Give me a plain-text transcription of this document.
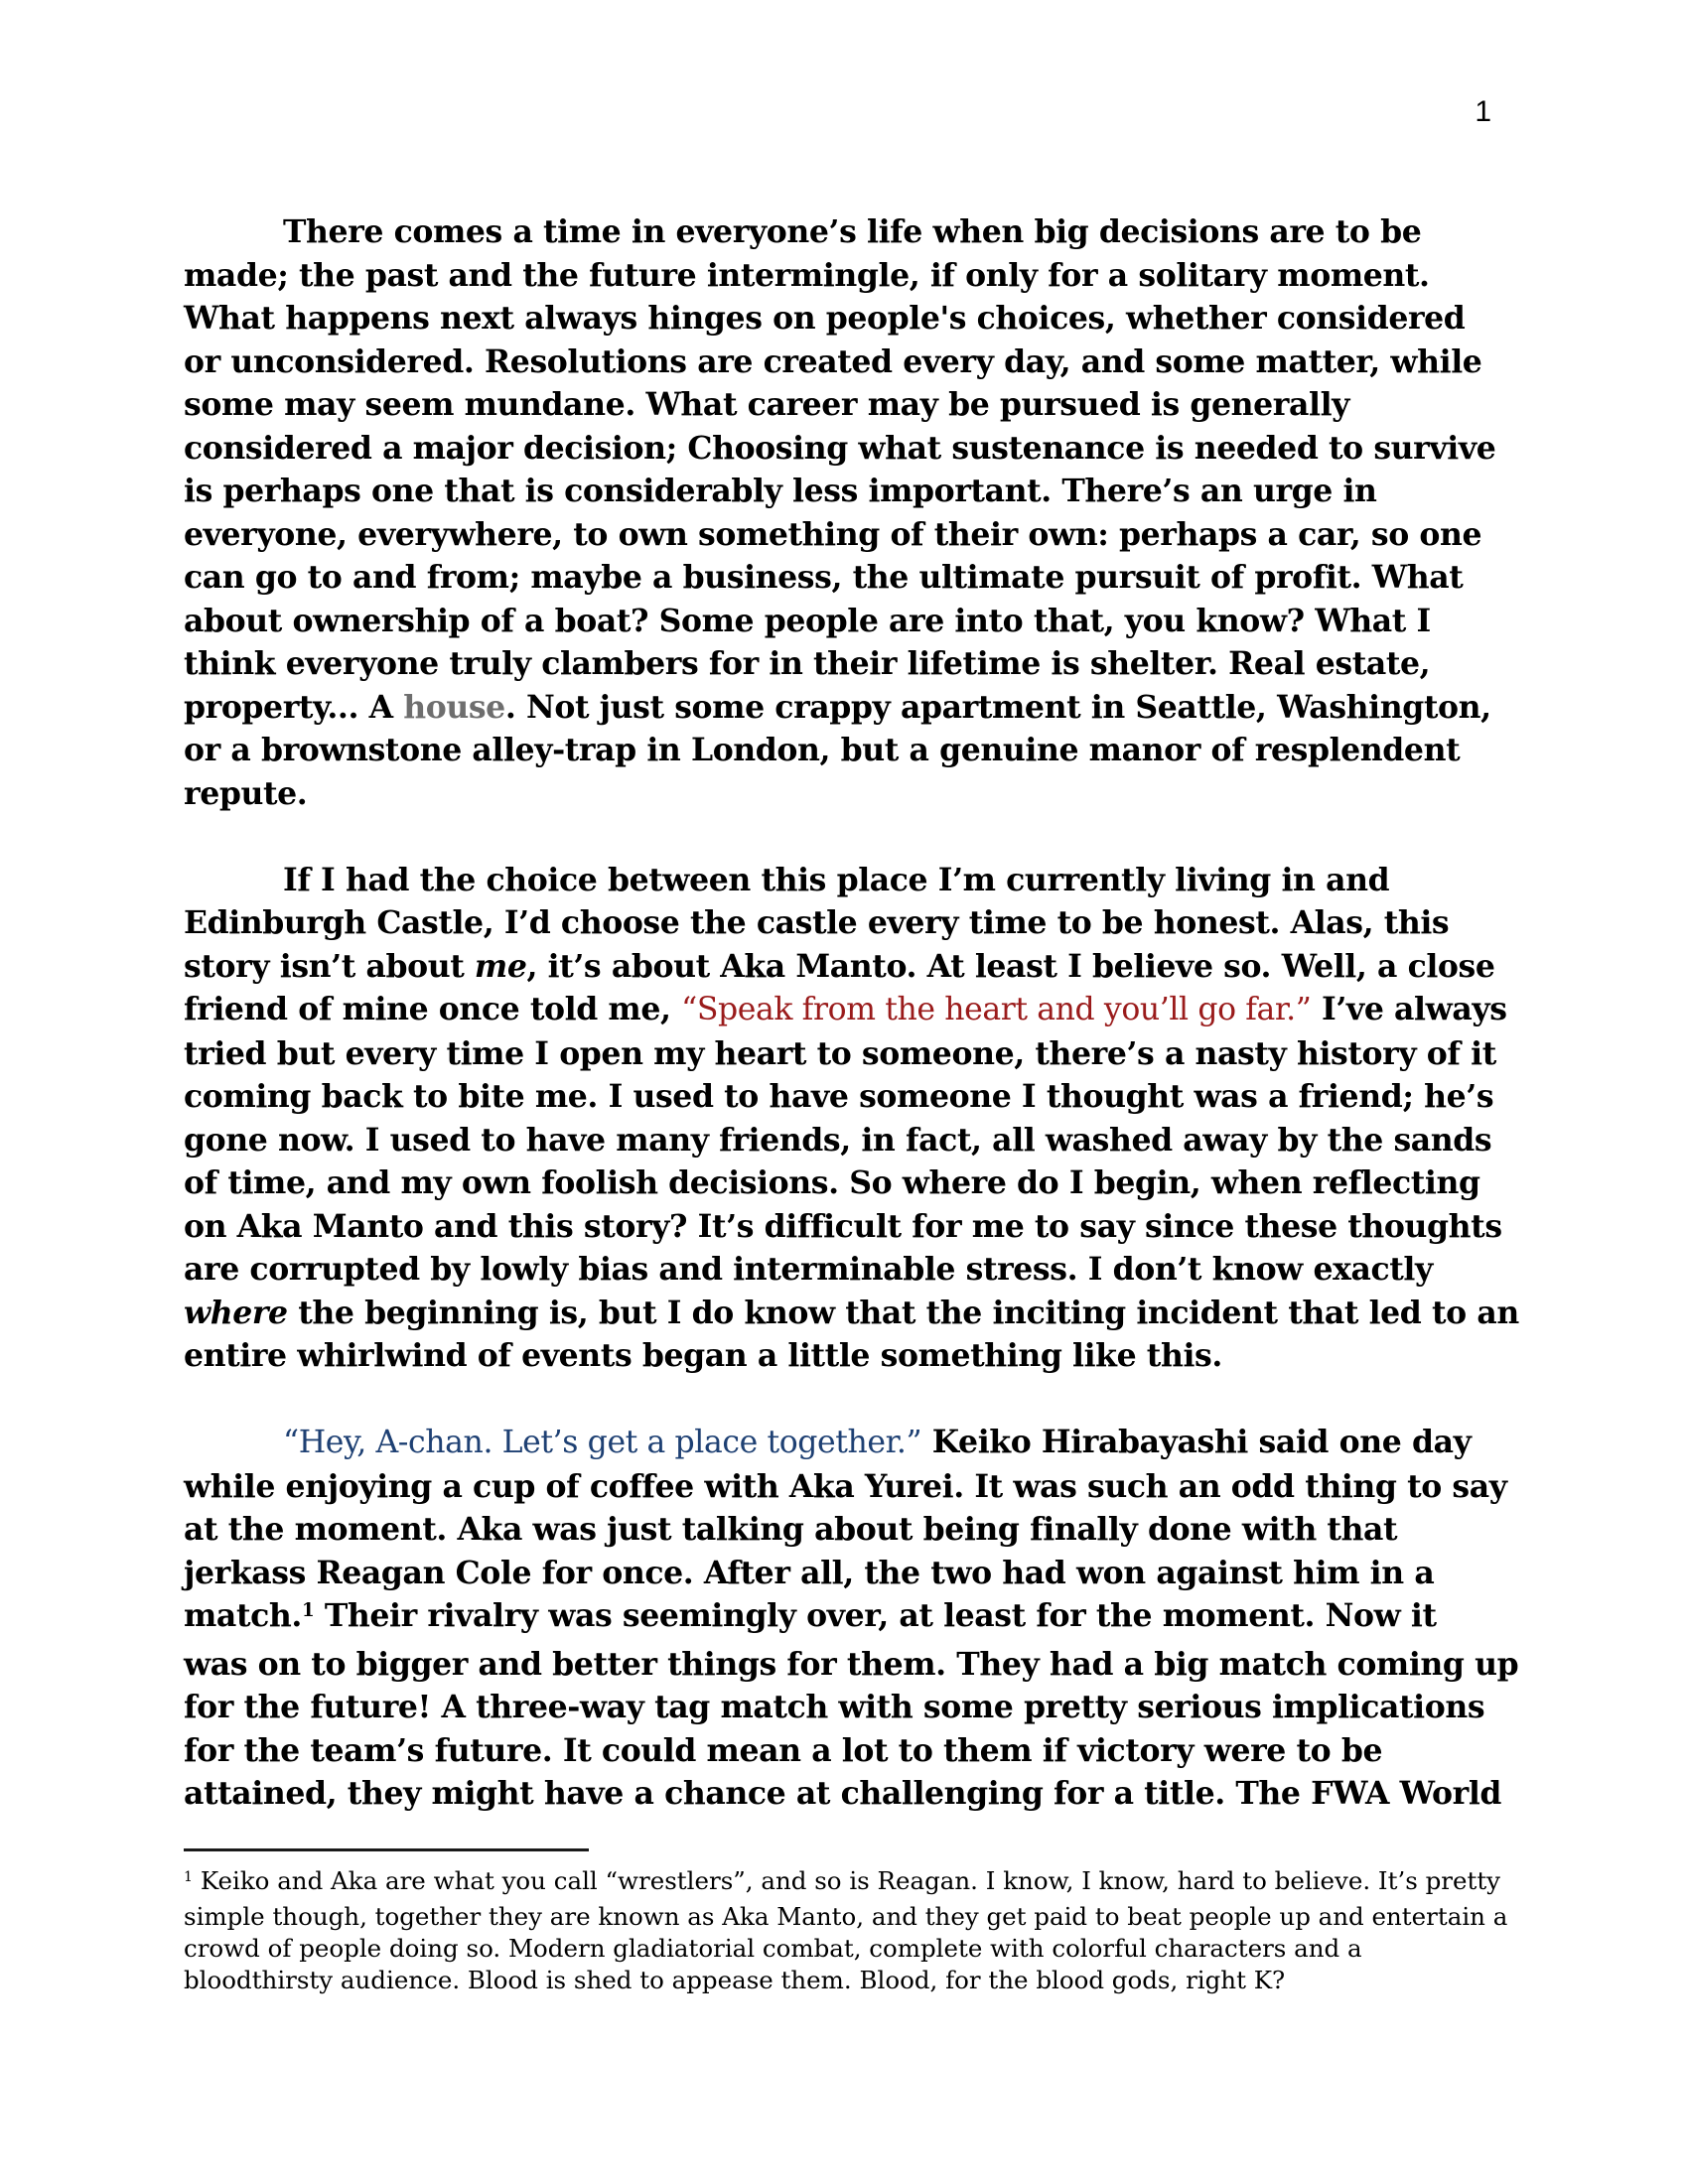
1
There comes a time in everyone’s life when big decisions are to be
made; the past and the future intermingle, if only for a solitary moment.
What happens next always hinges on people's choices, whether considered
or unconsidered. Resolutions are created every day, and some matter, while
some may seem mundane. What career may be pursued is generally
considered a major decision; Choosing what sustenance is needed to survive
is perhaps one that is considerably less important. There’s an urge in
everyone, everywhere, to own something of their own: perhaps a car, so one
can go to and from; maybe a business, the ultimate pursuit of profit. What
about ownership of a boat? Some people are into that, you know? What I
think everyone truly clambers for in their lifetime is shelter. Real estate,
property... A house. Not just some crappy apartment in Seattle, Washington,
or a brownstone alley-trap in London, but a genuine manor of resplendent
repute.
If I had the choice between this place I’m currently living in and
Edinburgh Castle, I’d choose the castle every time to be honest. Alas, this
story isn’t about me, it’s about Aka Manto. At least I believe so. Well, a close
friend of mine once told me, “Speak from the heart and you’ll go far.” I’ve always
tried but every time I open my heart to someone, there’s a nasty history of it
coming back to bite me. I used to have someone I thought was a friend; he’s
gone now. I used to have many friends, in fact, all washed away by the sands
of time, and my own foolish decisions. So where do I begin, when reflecting
on Aka Manto and this story? It’s difficult for me to say since these thoughts
are corrupted by lowly bias and interminable stress. I don’t know exactly
where the beginning is, but I do know that the inciting incident that led to an
entire whirlwind of events began a little something like this.
“Hey, A-chan. Let’s get a place together.” Keiko Hirabayashi said one day
while enjoying a cup of coffee with Aka Yurei. It was such an odd thing to say
at the moment. Aka was just talking about being finally done with that
jerkass Reagan Cole for once. After all, the two had won against him in a
match.$^1$ Their rivalry was seemingly over, at least for the moment. Now it
was on to bigger and better things for them. They had a big match coming up
for the future! A three-way tag match with some pretty serious implications
for the team’s future. It could mean a lot to them if victory were to be
attained, they might have a chance at challenging for a title. The FWA World
$^1$ Keiko and Aka are what you call “wrestlers”, and so is Reagan. I know, I know, hard to believe. It’s pretty
simple though, together they are known as Aka Manto, and they get paid to beat people up and entertain a
crowd of people doing so. Modern gladiatorial combat, complete with colorful characters and a
bloodthirsty audience. Blood is shed to appease them. Blood, for the blood gods, right K?
